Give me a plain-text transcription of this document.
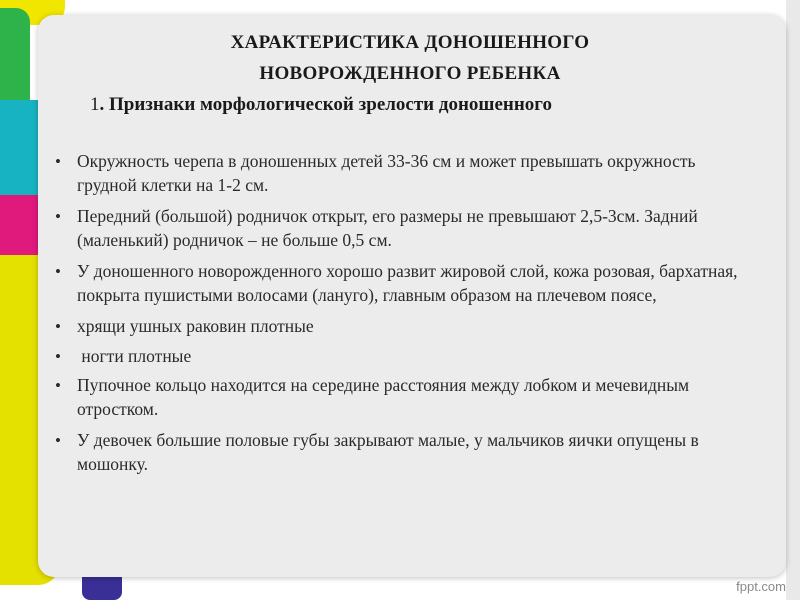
ХАРАКТЕРИСТИКА ДОНОШЕННОГО
НОВОРОЖДЕННОГО РЕБЕНКА
1. Признаки морфологической зрелости доношенного
• Окружность черепа в доношенных детей 33-36 см и может превышать окружность грудной клетки на 1-2 см.
• Передний (большой) родничок открыт, его размеры не превышают 2,5-3см. Задний (маленький) родничок – не больше 0,5 см.
• У доношенного новорожденного хорошо развит жировой слой, кожа розовая, бархатная, покрыта пушистыми волосами (лануго), главным образом на плечевом поясе,
• хрящи ушных раковин плотные
• ногти плотные
• Пупочное кольцо находится на середине расстояния между лобком и мечевидным отростком.
• У девочек большие половые губы закрывают малые, у мальчиков яички опущены в мошонку.
fppt.com
